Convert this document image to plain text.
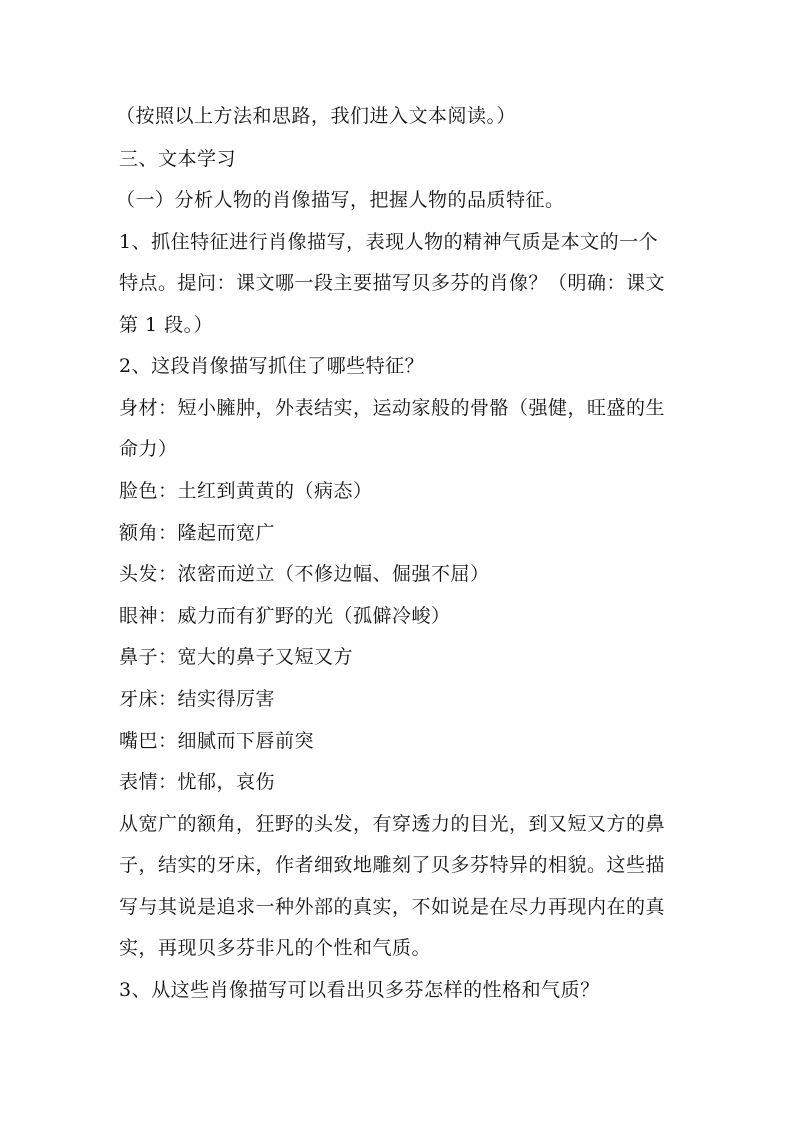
（按照以上方法和思路，我们进入文本阅读。）
三、文本学习
（一）分析人物的肖像描写，把握人物的品质特征。
1、抓住特征进行肖像描写，表现人物的精神气质是本文的一个
特点。提问：课文哪一段主要描写贝多芬的肖像？（明确：课文
第 1 段。）
2、这段肖像描写抓住了哪些特征？
身材：短小臃肿，外表结实，运动家般的骨骼（强健，旺盛的生
命力）
脸色：土红到黄黄的（病态）
额角：隆起而宽广
头发：浓密而逆立（不修边幅、倔强不屈）
眼神：威力而有犷野的光（孤僻冷峻）
鼻子：宽大的鼻子又短又方
牙床：结实得厉害
嘴巴：细腻而下唇前突
表情：忧郁，哀伤
从宽广的额角，狂野的头发，有穿透力的目光，到又短又方的鼻
子，结实的牙床，作者细致地雕刻了贝多芬特异的相貌。这些描
写与其说是追求一种外部的真实，不如说是在尽力再现内在的真
实，再现贝多芬非凡的个性和气质。
3、从这些肖像描写可以看出贝多芬怎样的性格和气质？
